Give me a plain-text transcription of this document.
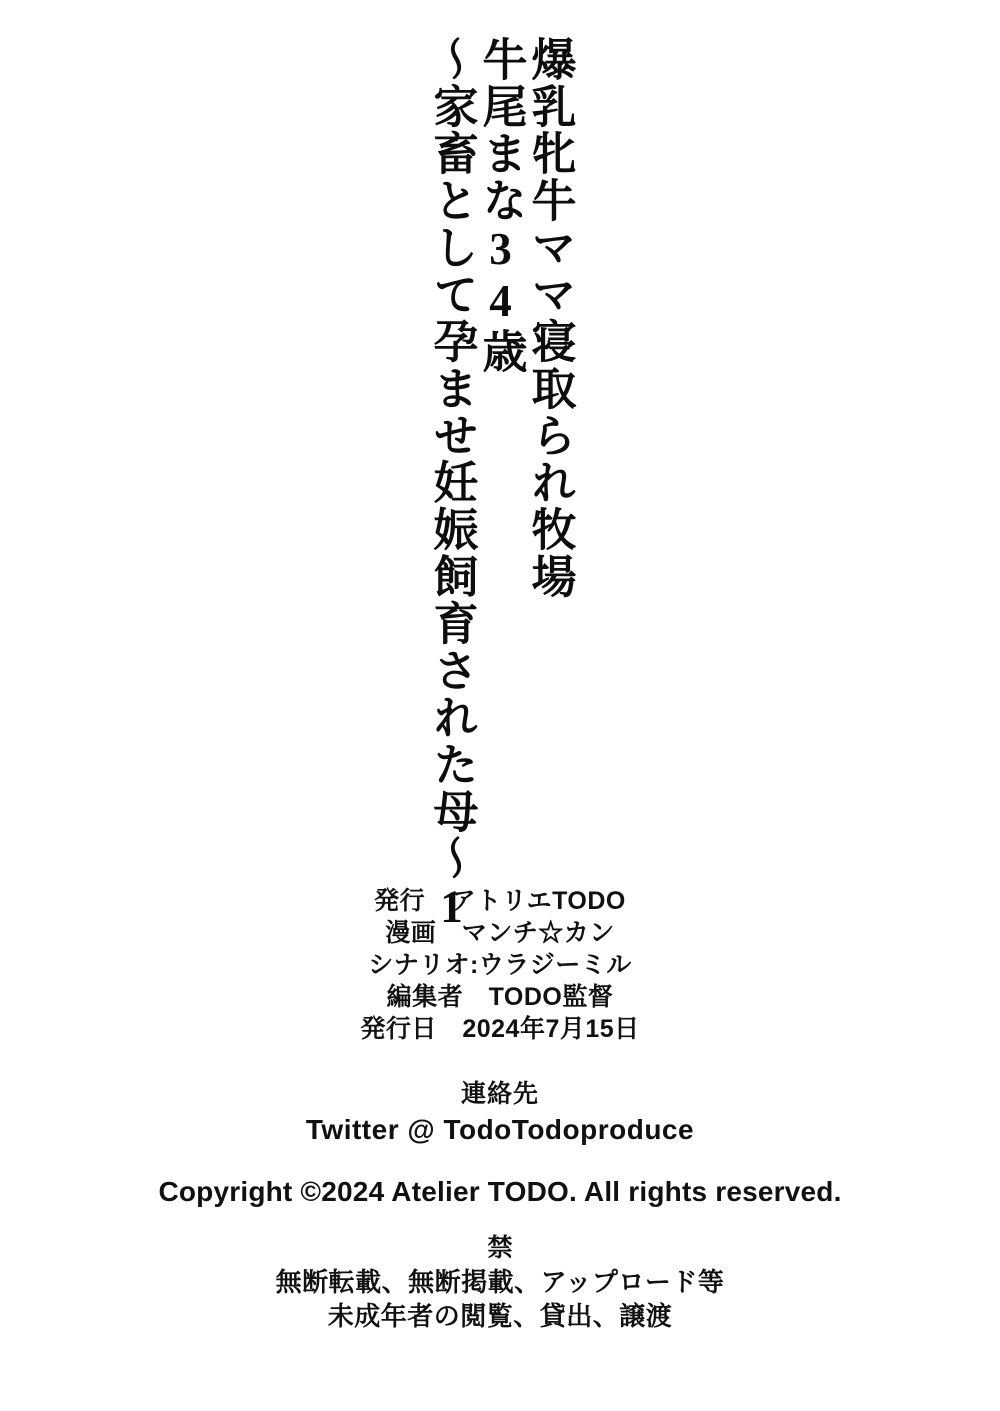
爆乳牝牛ママ寝取られ牧場
牛尾まな34歳
～家畜として孕ませ妊娠飼育された母～1
発行　アトリエTODO
漫画　マンチ☆カン
シナリオ:ウラジーミル
編集者　TODO監督
発行日　2024年7月15日
連絡先
Twitter @ TodoTodoproduce
Copyright ©2024 Atelier TODO. All rights reserved.
禁
無断転載、無断掲載、アップロード等
未成年者の閲覧、貸出、譲渡
